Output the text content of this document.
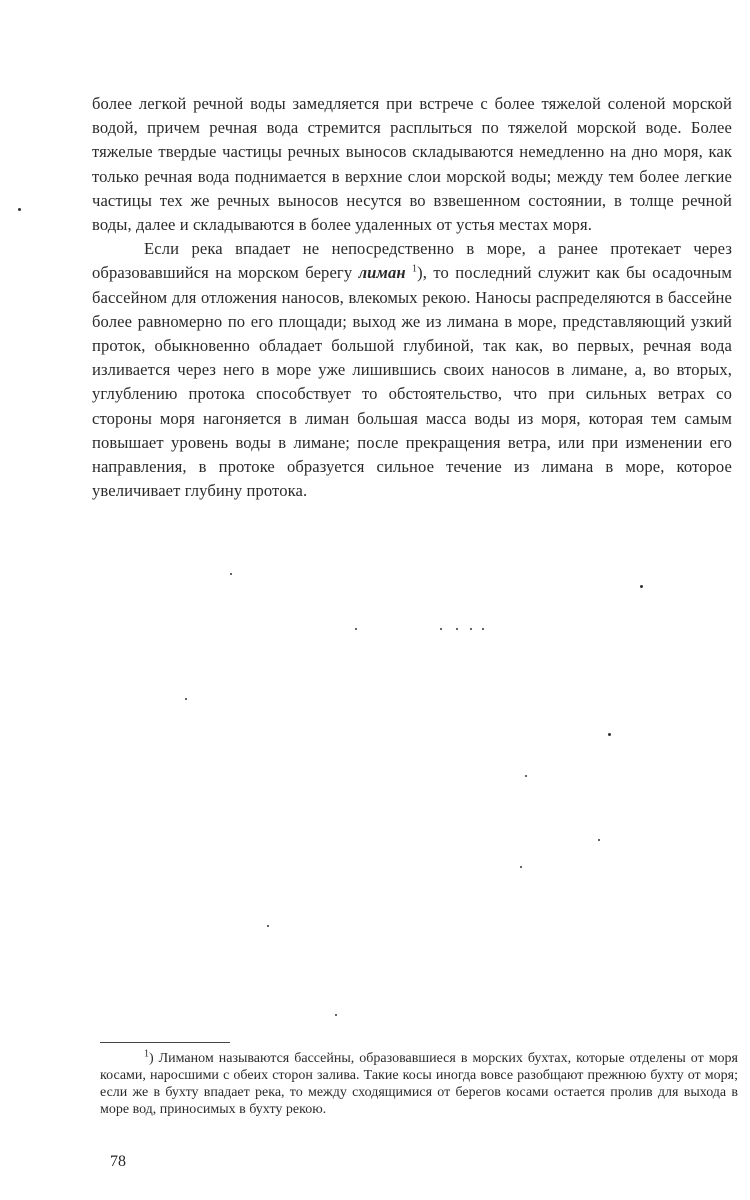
более легкой речной воды замедляется при встрече с более тяжелой соленой морской водой, причем речная вода стремится расплыться по тяжелой морской воде. Более тяжелые твердые частицы речных выносов складываются немедленно на дно моря, как только речная вода поднимается в верхние слои морской воды; между тем более легкие частицы тех же речных выносов несутся во взвешенном состоянии, в толще речной воды, далее и складываются в более удаленных от устья местах моря.

Если река впадает не непосредственно в море, а ранее протекает через образовавшийся на морском берегу лиман $^1$), то последний служит как бы осадочным бассейном для отложения наносов, влекомых рекою. Наносы распределяются в бассейне более равномерно по его площади; выход же из лимана в море, представляющий узкий проток, обыкновенно обладает большой глубиной, так как, во первых, речная вода изливается через него в море уже лишившись своих наносов в лимане, а, во вторых, углублению протока способствует то обстоятельство, что при сильных ветрах со стороны моря нагоняется в лиман большая масса воды из моря, которая тем самым повышает уровень воды в лимане; после прекращения ветра, или при изменении его направления, в протоке образуется сильное течение из лимана в море, которое увеличивает глубину протока.

$^1$) Лиманом называются бассейны, образовавшиеся в морских бухтах, которые отделены от моря косами, наросшими с обеих сторон залива. Такие косы иногда вовсе разобщают прежнюю бухту от моря; если же в бухту впадает река, то между сходящимися от берегов косами остается пролив для выхода в море вод, приносимых в бухту рекою.

78
